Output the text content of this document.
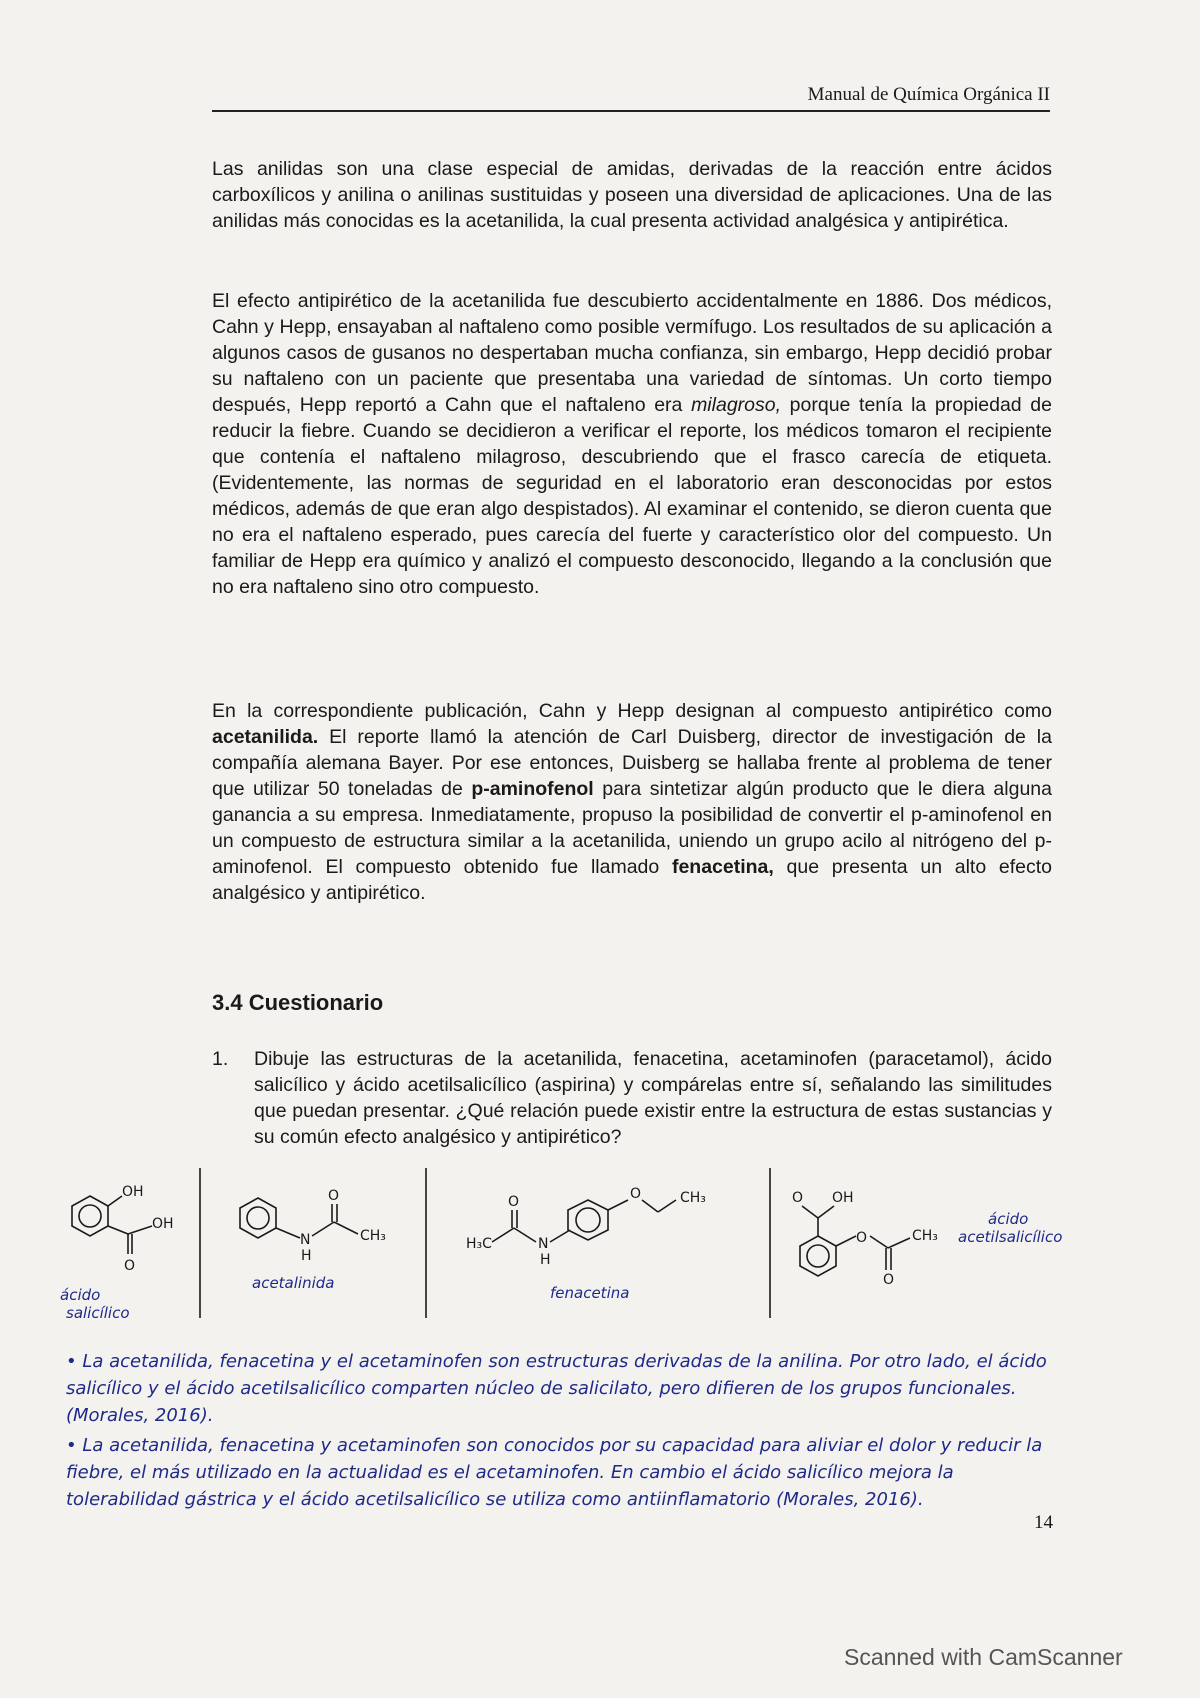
Manual de Química Orgánica II

Las anilidas son una clase especial de amidas, derivadas de la reacción entre ácidos carboxílicos y anilina o anilinas sustituidas y poseen una diversidad de aplicaciones. Una de las anilidas más conocidas es la acetanilida, la cual presenta actividad analgésica y antipirética.

El efecto antipirético de la acetanilida fue descubierto accidentalmente en 1886. Dos médicos, Cahn y Hepp, ensayaban al naftaleno como posible vermífugo. Los resultados de su aplicación a algunos casos de gusanos no despertaban mucha confianza, sin embargo, Hepp decidió probar su naftaleno con un paciente que presentaba una variedad de síntomas. Un corto tiempo después, Hepp reportó a Cahn que el naftaleno era milagroso, porque tenía la propiedad de reducir la fiebre. Cuando se decidieron a verificar el reporte, los médicos tomaron el recipiente que contenía el naftaleno milagroso, descubriendo que el frasco carecía de etiqueta. (Evidentemente, las normas de seguridad en el laboratorio eran desconocidas por estos médicos, además de que eran algo despistados). Al examinar el contenido, se dieron cuenta que no era el naftaleno esperado, pues carecía del fuerte y característico olor del compuesto. Un familiar de Hepp era químico y analizó el compuesto desconocido, llegando a la conclusión que no era naftaleno sino otro compuesto.

En la correspondiente publicación, Cahn y Hepp designan al compuesto antipirético como acetanilida. El reporte llamó la atención de Carl Duisberg, director de investigación de la compañía alemana Bayer. Por ese entonces, Duisberg se hallaba frente al problema de tener que utilizar 50 toneladas de p-aminofenol para sintetizar algún producto que le diera alguna ganancia a su empresa. Inmediatamente, propuso la posibilidad de convertir el p-aminofenol en un compuesto de estructura similar a la acetanilida, uniendo un grupo acilo al nitrógeno del p-aminofenol. El compuesto obtenido fue llamado fenacetina, que presenta un alto efecto analgésico y antipirético.

3.4 Cuestionario
1. Dibuje las estructuras de la acetanilida, fenacetina, acetaminofen (paracetamol), ácido salicílico y ácido acetilsalicílico (aspirina) y compárelas entre sí, señalando las similitudes que puedan presentar. ¿Qué relación puede existir entre la estructura de estas sustancias y su común efecto analgésico y antipirético?

OH
OH
O
N
H
O
CH₃	H₃C
O
N
H
O	CH₃	O OH
O
O
CH₃
ácido
salicílico
acetalinida
fenacetina
ácido
acetilsalicílico

• La acetanilida, fenacetina y el acetaminofen son estructuras derivadas de la anilina. Por otro lado, el ácido salicílico y el ácido acetilsalicílico comparten núcleo de salicilato, pero difieren de los grupos funcionales. (Morales, 2016).

• La acetanilida, fenacetina y acetaminofen son conocidos por su capacidad para aliviar el dolor y reducir la fiebre, el más utilizado en la actualidad es el acetaminofen. En cambio el ácido salicílico mejora la tolerabilidad gástrica y el ácido acetilsalicílico se utiliza como antiinflamatorio (Morales, 2016).

14
Scanned with CamScanner
